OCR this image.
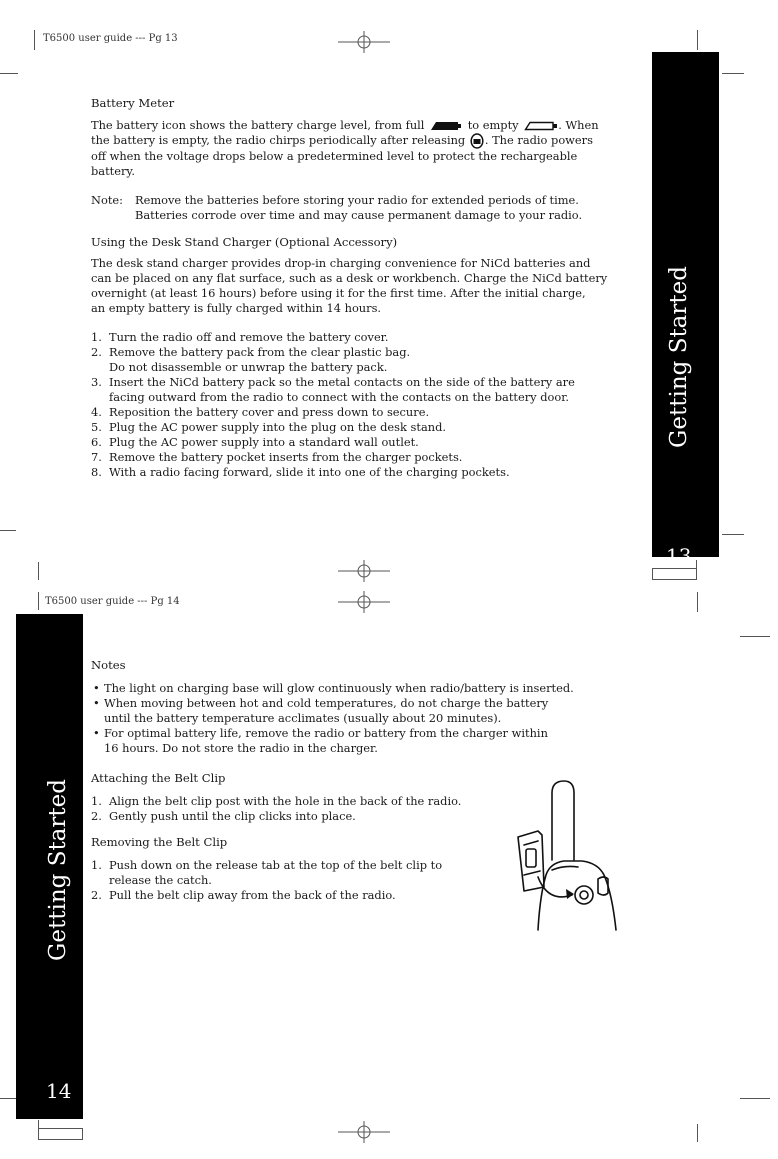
T6500 user guide --- Pg 13
Getting Started
13
Battery Meter
The battery icon shows the battery charge level, from full	to empty	. When
the battery is empty, the radio chirps periodically after releasing . The radio powers
off when the voltage drops below a predetermined level to protect the rechargeable
battery.
Note: Remove the batteries before storing your radio for extended periods of time.
Batteries corrode over time and may cause permanent damage to your radio.
Using the Desk Stand Charger (Optional Accessory)
The desk stand charger provides drop-in charging convenience for NiCd batteries and
can be placed on any flat surface, such as a desk or workbench. Charge the NiCd battery
overnight (at least 16 hours) before using it for the first time. After the initial charge,
an empty battery is fully charged within 14 hours.
1. Turn the radio off and remove the battery cover.
2. Remove the battery pack from the clear plastic bag.
Do not disassemble or unwrap the battery pack.
3. Insert the NiCd battery pack so the metal contacts on the side of the battery are
facing outward from the radio to connect with the contacts on the battery door.
4. Reposition the battery cover and press down to secure.
5. Plug the AC power supply into the plug on the desk stand.
6. Plug the AC power supply into a standard wall outlet.
7. Remove the battery pocket inserts from the charger pockets.
8. With a radio facing forward, slide it into one of the charging pockets.
T6500 user guide --- Pg 14
Getting Started
14
Notes
• The light on charging base will glow continuously when radio/battery is inserted.
• When moving between hot and cold temperatures, do not charge the battery
until the battery temperature acclimates (usually about 20 minutes).
• For optimal battery life, remove the radio or battery from the charger within
16 hours. Do not store the radio in the charger.
Attaching the Belt Clip
1. Align the belt clip post with the hole in the back of the radio.
2. Gently push until the clip clicks into place.
Removing the Belt Clip
1. Push down on the release tab at the top of the belt clip to
release the catch.
2. Pull the belt clip away from the back of the radio.
